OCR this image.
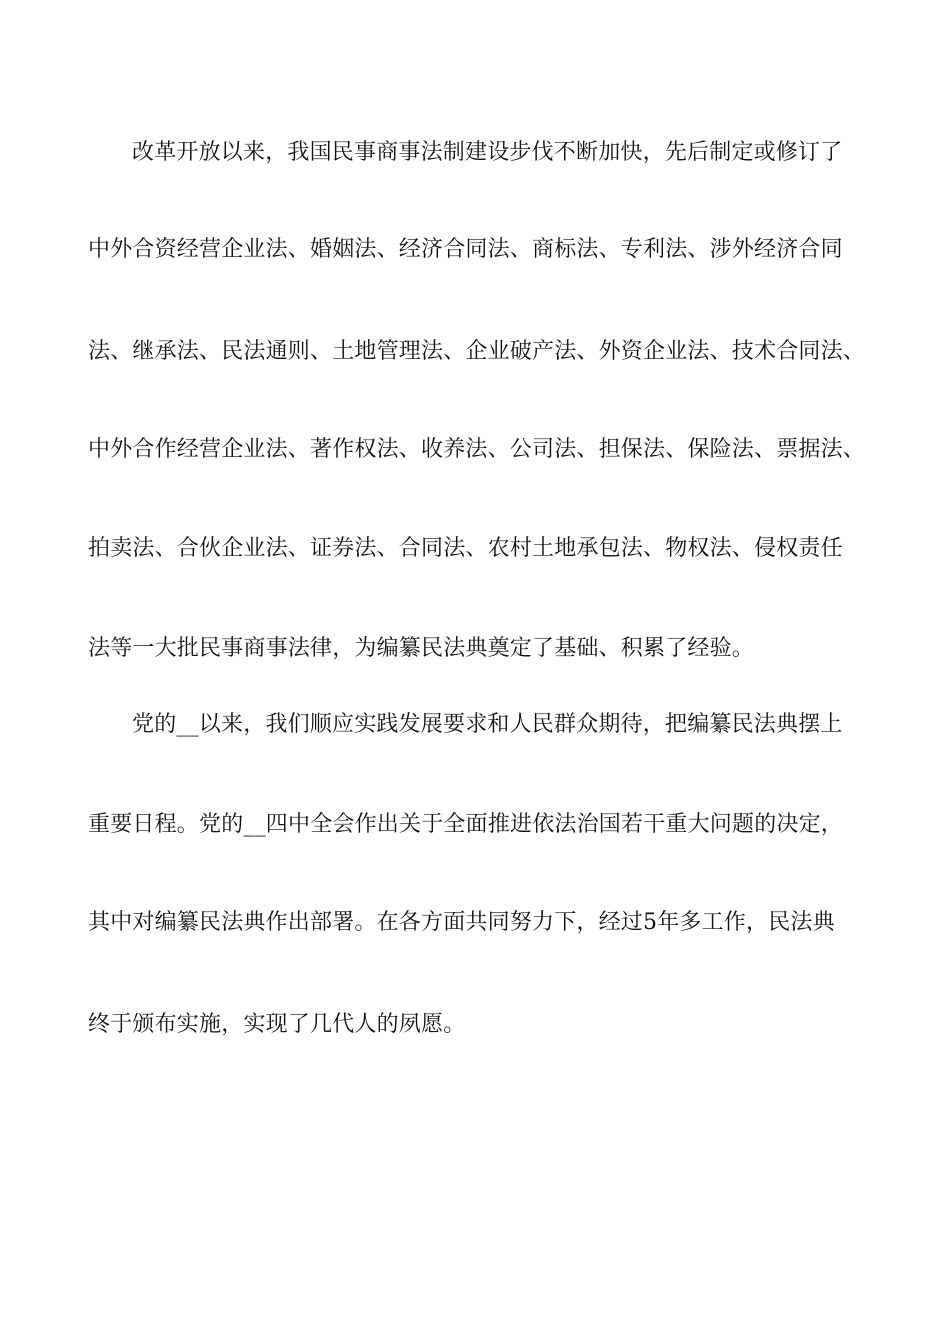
改革开放以来，我国民事商事法制建设步伐不断加快，先后制定或修订了
中外合资经营企业法、婚姻法、经济合同法、商标法、专利法、涉外经济合同
法、继承法、民法通则、土地管理法、企业破产法、外资企业法、技术合同法、
中外合作经营企业法、著作权法、收养法、公司法、担保法、保险法、票据法、
拍卖法、合伙企业法、证券法、合同法、农村土地承包法、物权法、侵权责任
法等一大批民事商事法律，为编纂民法典奠定了基础、积累了经验。
党的__以来，我们顺应实践发展要求和人民群众期待，把编纂民法典摆上
重要日程。党的__四中全会作出关于全面推进依法治国若干重大问题的决定，
其中对编纂民法典作出部署。在各方面共同努力下，经过5年多工作，民法典
终于颁布实施，实现了几代人的夙愿。
